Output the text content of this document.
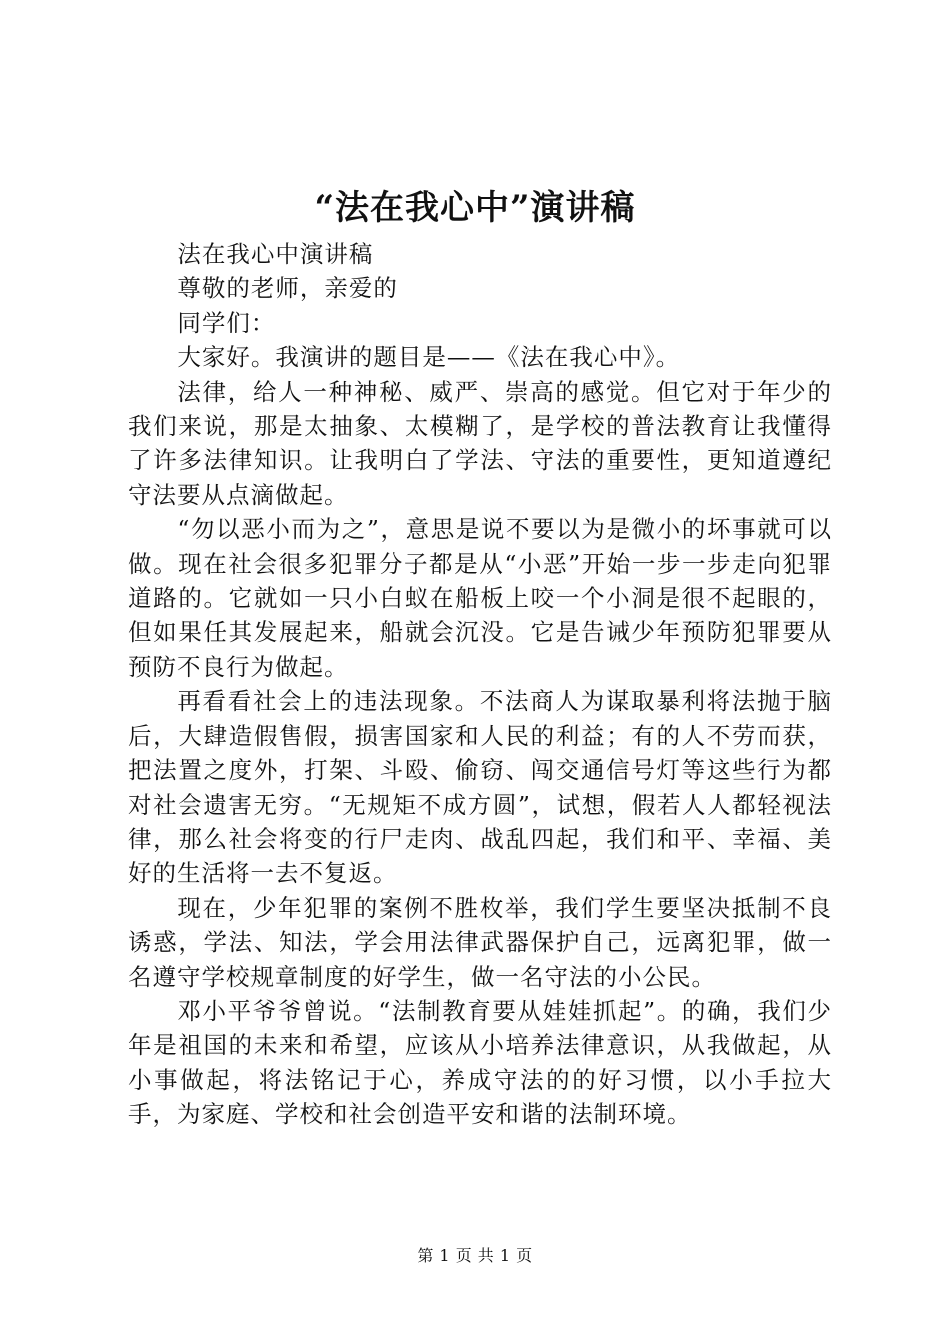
“法在我心中”演讲稿

法在我心中演讲稿

尊敬的老师，亲爱的

同学们：

大家好。我演讲的题目是——《法在我心中》。

法律，给人一种神秘、威严、崇高的感觉。但它对于年少的我们来说，那是太抽象、太模糊了，是学校的普法教育让我懂得了许多法律知识。让我明白了学法、守法的重要性，更知道遵纪守法要从点滴做起。

“勿以恶小而为之”，意思是说不要以为是微小的坏事就可以做。现在社会很多犯罪分子都是从“小恶”开始一步一步走向犯罪道路的。它就如一只小白蚁在船板上咬一个小洞是很不起眼的，但如果任其发展起来，船就会沉没。它是告诫少年预防犯罪要从预防不良行为做起。

再看看社会上的违法现象。不法商人为谋取暴利将法抛于脑后，大肆造假售假，损害国家和人民的利益；有的人不劳而获，把法置之度外，打架、斗殴、偷窃、闯交通信号灯等这些行为都对社会遗害无穷。“无规矩不成方圆”，试想，假若人人都轻视法律，那么社会将变的行尸走肉、战乱四起，我们和平、幸福、美好的生活将一去不复返。

现在，少年犯罪的案例不胜枚举，我们学生要坚决抵制不良诱惑，学法、知法，学会用法律武器保护自己，远离犯罪，做一名遵守学校规章制度的好学生，做一名守法的小公民。

邓小平爷爷曾说。“法制教育要从娃娃抓起”。的确，我们少年是祖国的未来和希望，应该从小培养法律意识，从我做起，从小事做起，将法铭记于心，养成守法的的好习惯，以小手拉大手，为家庭、学校和社会创造平安和谐的法制环境。

第 1 页 共 1 页
